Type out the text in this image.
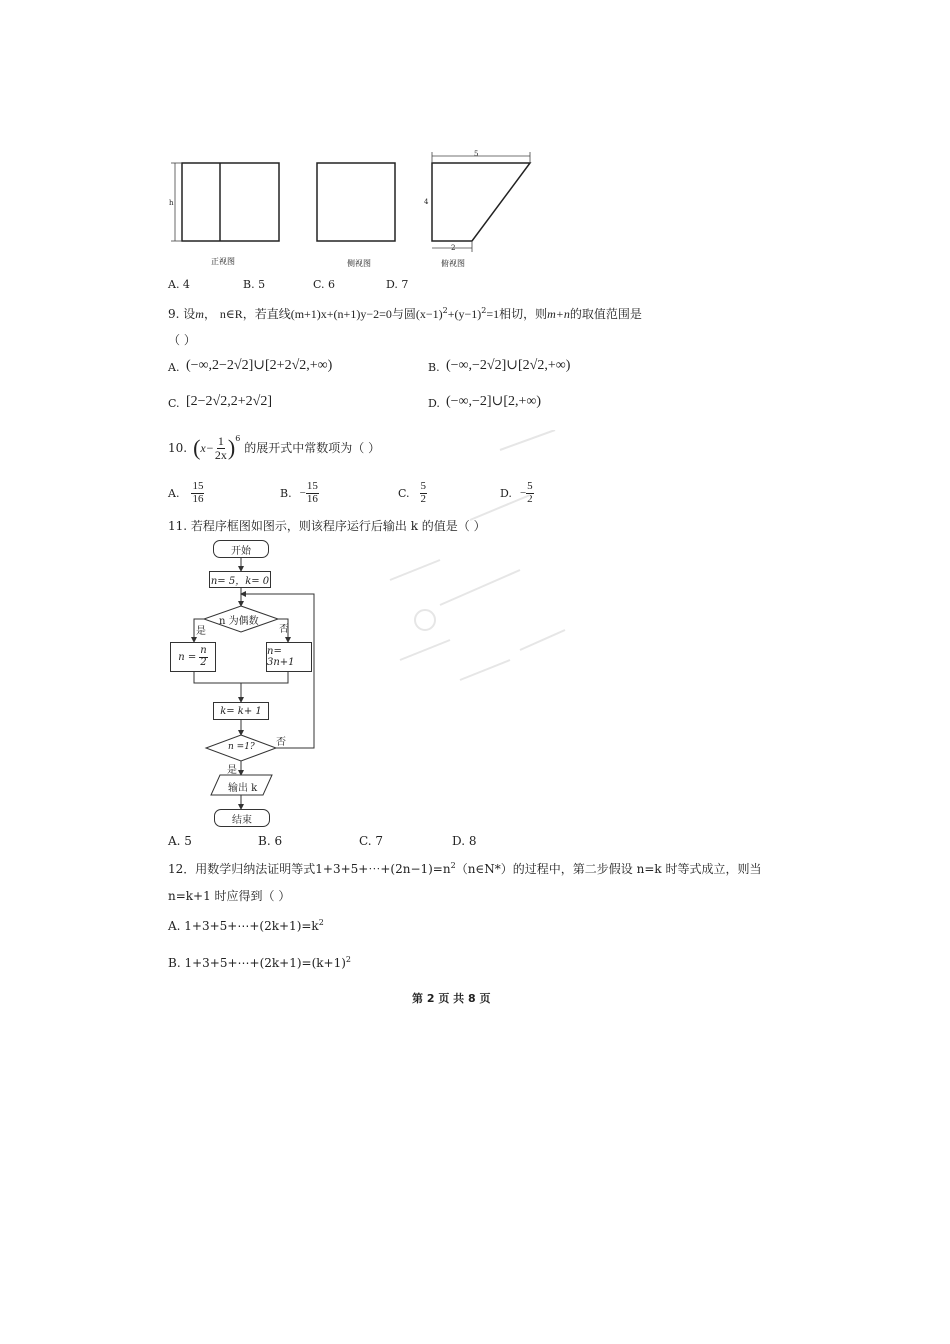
h
5
4
2
正视图	侧视图	俯视图
A. 4	B. 5	C. 6	D. 7
9. 设m， n∈R，若直线(m+1)x+(n+1)y−2=0与圆$(x-1)^2+(y-1)^2=1$相切，则m+n的取值范围是
（ ）
A. (−∞,2−2√2]∪[2+2√2,+∞)	B. (−∞,−2√2]∪[2√2,+∞)
C. [2−2√2,2+2√2]	D. (−∞,−2]∪[2,+∞)
10. ( $x- \frac{1}{2x} )^6$
的展开式中常数项为（ ）
A. $\frac{15}{16}$	B. − $\frac{15}{16}$	C. $\frac{5}{2}$	D. − $\frac{5}{2}$
11. 若程序框图如图示，则该程序运行后输出 k 的值是（ ）
开始
n= 5，k= 0
n 为偶数
是	否
$n = \frac{n}{2}$	n= 3n+1
k= k+ 1
n =1? 否
是
输出 k
结束
A. 5	B. 6	C. 7	D. 8
12．用数学归纳法证明等式$1+3+5+\cdots+(2n-1)=n^2(n\in N*)$的过程中，第二步假设 n=k 时等式成立，则当
n=k+1 时应得到（ ）
A. $1+3+5+\cdots+(2k+1)=k^2$
B. $1+3+5+\cdots+(2k+1)=(k+1)^2$
第 2 页 共 8 页
